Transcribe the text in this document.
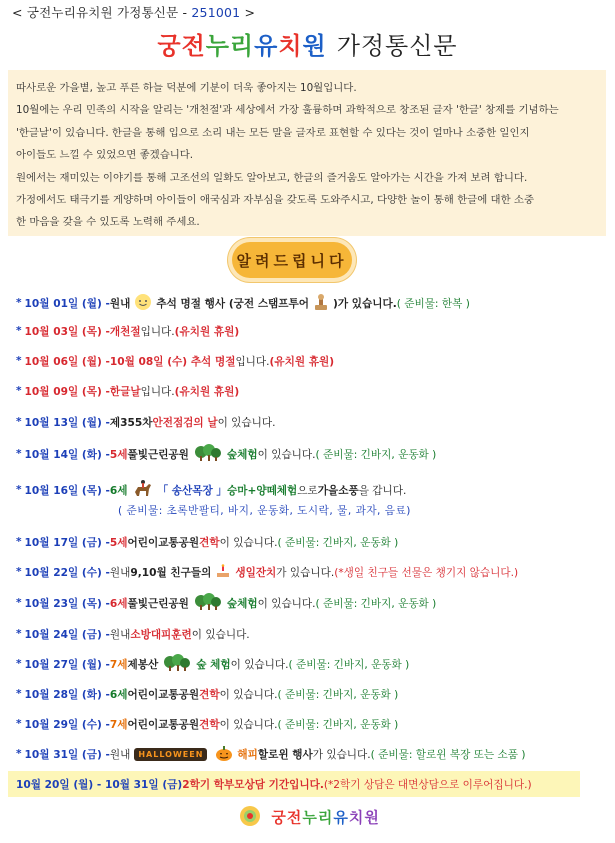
< 궁전누리유치원 가정통신문 - 251001 >
궁전누리유치원 가정통신문

따사로운 가을볕, 높고 푸른 하늘 덕분에 기분이 더욱 좋아지는 10월입니다.

10월에는 우리 민족의 시작을 알리는 '개천절'과 세상에서 가장 훌륭하며 과학적으로 창조된 글자 '한글' 창제를 기념하는

'한글날'이 있습니다. 한글을 통해 입으로 소리 내는 모든 말을 글자로 표현할 수 있다는 것이 얼마나 소중한 일인지

아이들도 느낄 수 있었으면 좋겠습니다.

원에서는 재미있는 이야기를 통해 고조선의 일화도 알아보고, 한글의 즐거움도 알아가는 시간을 가져 보려 합니다.

가정에서도 태극기를 게양하며 아이들이 애국심과 자부심을 갖도록 도와주시고, 다양한 놀이 통해 한글에 대한 소중

한 마음을 갖을 수 있도록 노력해 주세요.

알려드립니다
* 10월 01일 (월) - 원내 추석 명절 행사 (궁전 스탬프투어 )가 있습니다. ( 준비물: 한복 )
* 10월 03일 (목) - 개천절 입니다. (유치원 휴원)
* 10월 06일 (월) - 10월 08일 (수) 추석 명절 입니다. (유치원 휴원)
* 10월 09일 (목) - 한글날 입니다. (유치원 휴원)
* 10월 13일 (월) - 제355차 안전점검의 날 이 있습니다.
* 10월 14일 (화) - 5세 풀빛근린공원	숲체험 이 있습니다. ( 준비물: 긴바지, 운동화 )
* 10월 16일 (목) - 6세	「 송산목장 」 승마+양떼체험 으로 가을소풍 을 갑니다.
( 준비물: 초록반팔티, 바지, 운동화, 도시락, 물, 과자, 음료)
* 10월 17일 (금) - 5세 어린이교통공원 견학 이 있습니다. ( 준비물: 긴바지, 운동화 )
* 10월 22일 (수) - 원내 9,10월 친구들의 생일잔치 가 있습니다. (*생일 친구들 선물은 챙기지 않습니다.)
* 10월 23일 (목) - 6세 풀빛근린공원	숲체험 이 있습니다. ( 준비물: 긴바지, 운동화 )
* 10월 24일 (금) - 원내 소방대피훈련 이 있습니다.
* 10월 27일 (월) - 7세 제봉산	숲 체험 이 있습니다. ( 준비물: 긴바지, 운동화 )
* 10월 28일 (화) - 6세 어린이교통공원 견학 이 있습니다. ( 준비물: 긴바지, 운동화 )
* 10월 29일 (수) - 7세 어린이교통공원 견학 이 있습니다. ( 준비물: 긴바지, 운동화 )
* 10월 31일 (금) - 원내	HALLOWEEN	해피 할로윈 행사 가 있습니다. ( 준비물: 할로윈 복장 또는 소품 )
10월 20일 (월) - 10월 31일 (금) 2학기 학부모상담 기간입니다. (*2학기 상담은 대면상담으로 이루어집니다.)
궁전누리유치원
